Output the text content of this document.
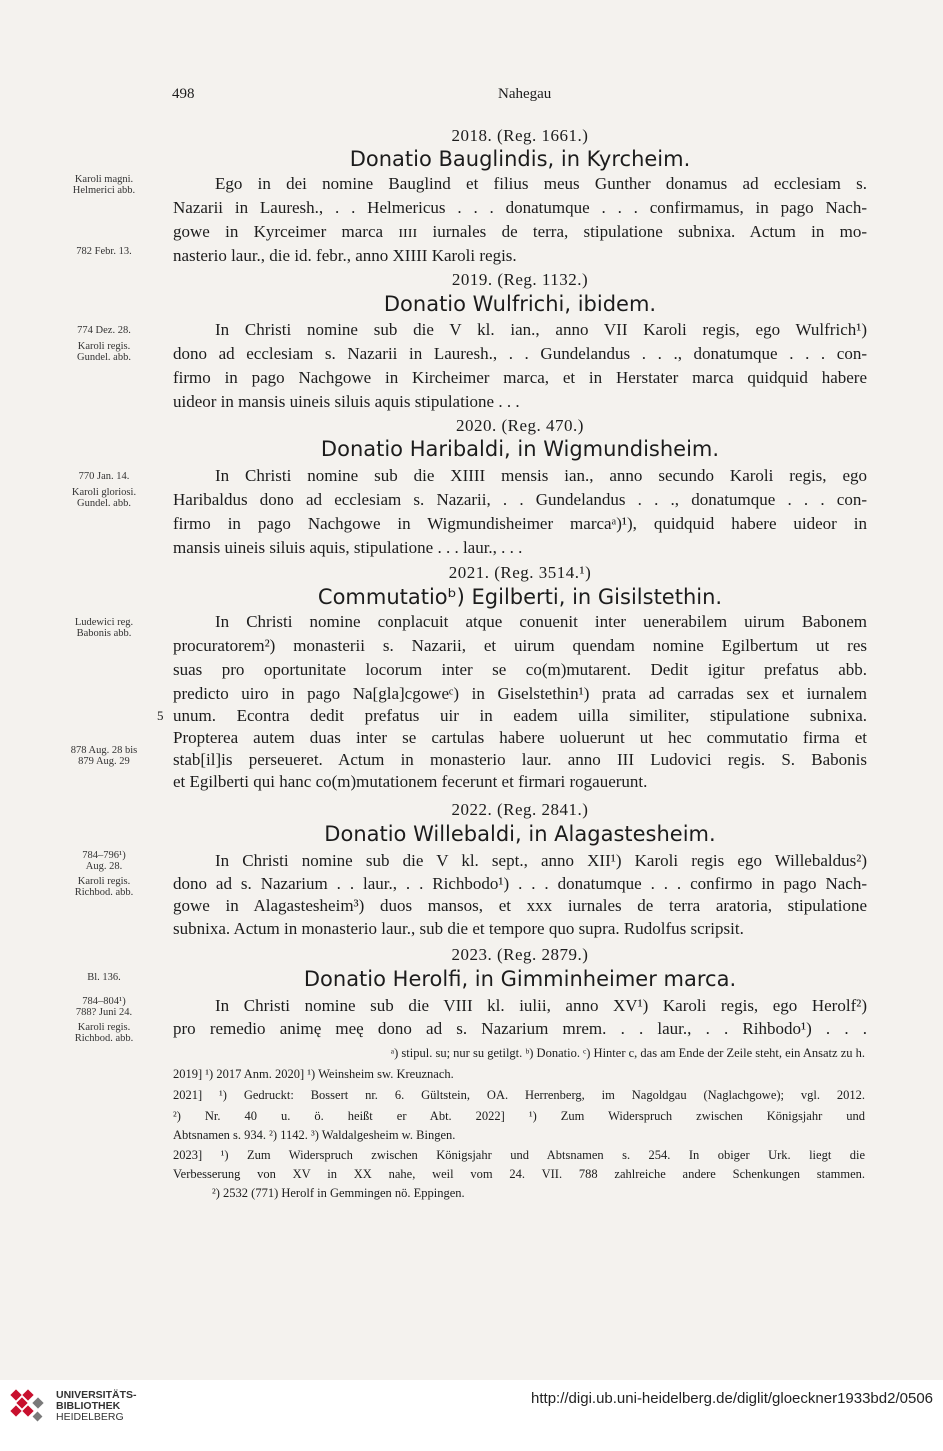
498	Nahegau
2018. (Reg. 1661.)
Donatio Bauglindis, in Kyrcheim.
Karoli magni.
Helmerici abb.
782 Febr. 13.
Ego in dei nomine Bauglind et filius meus Gunther donamus ad ecclesiam s.
Nazarii in Lauresh., . . Helmericus . . . donatumque . . . confirmamus, in pago Nach-
gowe in Kyrceimer marca ɪɪɪɪ iurnales de terra, stipulatione subnixa. Actum in mo-
nasterio laur., die id. febr., anno XIIII Karoli regis.
2019. (Reg. 1132.)
Donatio Wulfrichi, ibidem.
774 Dez. 28.
Karoli regis.
Gundel. abb.
In Christi nomine sub die V kl. ian., anno VII Karoli regis, ego Wulfrich¹)
dono ad ecclesiam s. Nazarii in Lauresh., . . Gundelandus . . ., donatumque . . . con-
firmo in pago Nachgowe in Kircheimer marca, et in Herstater marca quidquid habere
uideor in mansis uineis siluis aquis stipulatione . . .
2020. (Reg. 470.)
Donatio Haribaldi, in Wigmundisheim.
770 Jan. 14.
Karoli gloriosi.
Gundel. abb.
In Christi nomine sub die XIIII mensis ian., anno secundo Karoli regis, ego
Haribaldus dono ad ecclesiam s. Nazarii, . . Gundelandus . . ., donatumque . . . con-
firmo in pago Nachgowe in Wigmundisheimer marcaᵃ)¹), quidquid habere uideor in
mansis uineis siluis aquis, stipulatione . . . laur., . . .
2021. (Reg. 3514.¹)
Commutatioᵇ) Egilberti, in Gisilstethin.
Ludewici reg.
Babonis abb.
878 Aug. 28 bis
879 Aug. 29
5
In Christi nomine conplacuit atque conuenit inter uenerabilem uirum Babonem
procuratorem²) monasterii s. Nazarii, et uirum quendam nomine Egilbertum ut res
suas pro oportunitate locorum inter se co(m)mutarent. Dedit igitur prefatus abb.
predicto uiro in pago Na[gla]cgoweᶜ) in Giselstethin¹) prata ad carradas sex et iurnalem
unum. Econtra dedit prefatus uir in eadem uilla similiter, stipulatione subnixa.
Propterea autem duas inter se cartulas habere uoluerunt ut hec commutatio firma et
stab[il]is perseueret. Actum in monasterio laur. anno III Ludovici regis. S. Babonis
et Egilberti qui hanc co(m)mutationem fecerunt et firmari rogauerunt.
2022. (Reg. 2841.)
Donatio Willebaldi, in Alagastesheim.
784–796¹)
Aug. 28.
Karoli regis.
Richbod. abb.
In Christi nomine sub die V kl. sept., anno XII¹) Karoli regis ego Willebaldus²)
dono ad s. Nazarium . . laur., . . Richbodo¹) . . . donatumque . . . confirmo in pago Nach-
gowe in Alagastesheim³) duos mansos, et xxx iurnales de terra aratoria, stipulatione
subnixa. Actum in monasterio laur., sub die et tempore quo supra. Rudolfus scripsit.
2023. (Reg. 2879.)
Donatio Herolfi, in Gimminheimer marca.
Bl. 136.
784–804¹)
788? Juni 24.
Karoli regis.
Richbod. abb.
In Christi nomine sub die VIII kl. iulii, anno XV¹) Karoli regis, ego Herolf²)
pro remedio animę meę dono ad s. Nazarium mrem. . . laur., . . Rihbodo¹) . . .
ᵃ) stipul. su; nur su getilgt. ᵇ) Donatio. ᶜ) Hinter c, das am Ende der Zeile steht, ein Ansatz zu h.
2019] ¹) 2017 Anm. 2020] ¹) Weinsheim sw. Kreuznach.
2021] ¹) Gedruckt: Bossert nr. 6. Gültstein, OA. Herrenberg, im Nagoldgau (Naglachgowe); vgl. 2012.
²) Nr. 40 u. ö. heißt er Abt. 2022] ¹) Zum Widerspruch zwischen Königsjahr und
Abtsnamen s. 934. ²) 1142. ³) Waldalgesheim w. Bingen.
2023] ¹) Zum Widerspruch zwischen Königsjahr und Abtsnamen s. 254. In obiger Urk. liegt die
Verbesserung von XV in XX nahe, weil vom 24. VII. 788 zahlreiche andere Schenkungen stammen.
²) 2532 (771) Herolf in Gemmingen nö. Eppingen.
UNIVERSITÄTS-
BIBLIOTHEK
HEIDELBERG
http://digi.ub.uni-heidelberg.de/diglit/gloeckner1933bd2/0506
